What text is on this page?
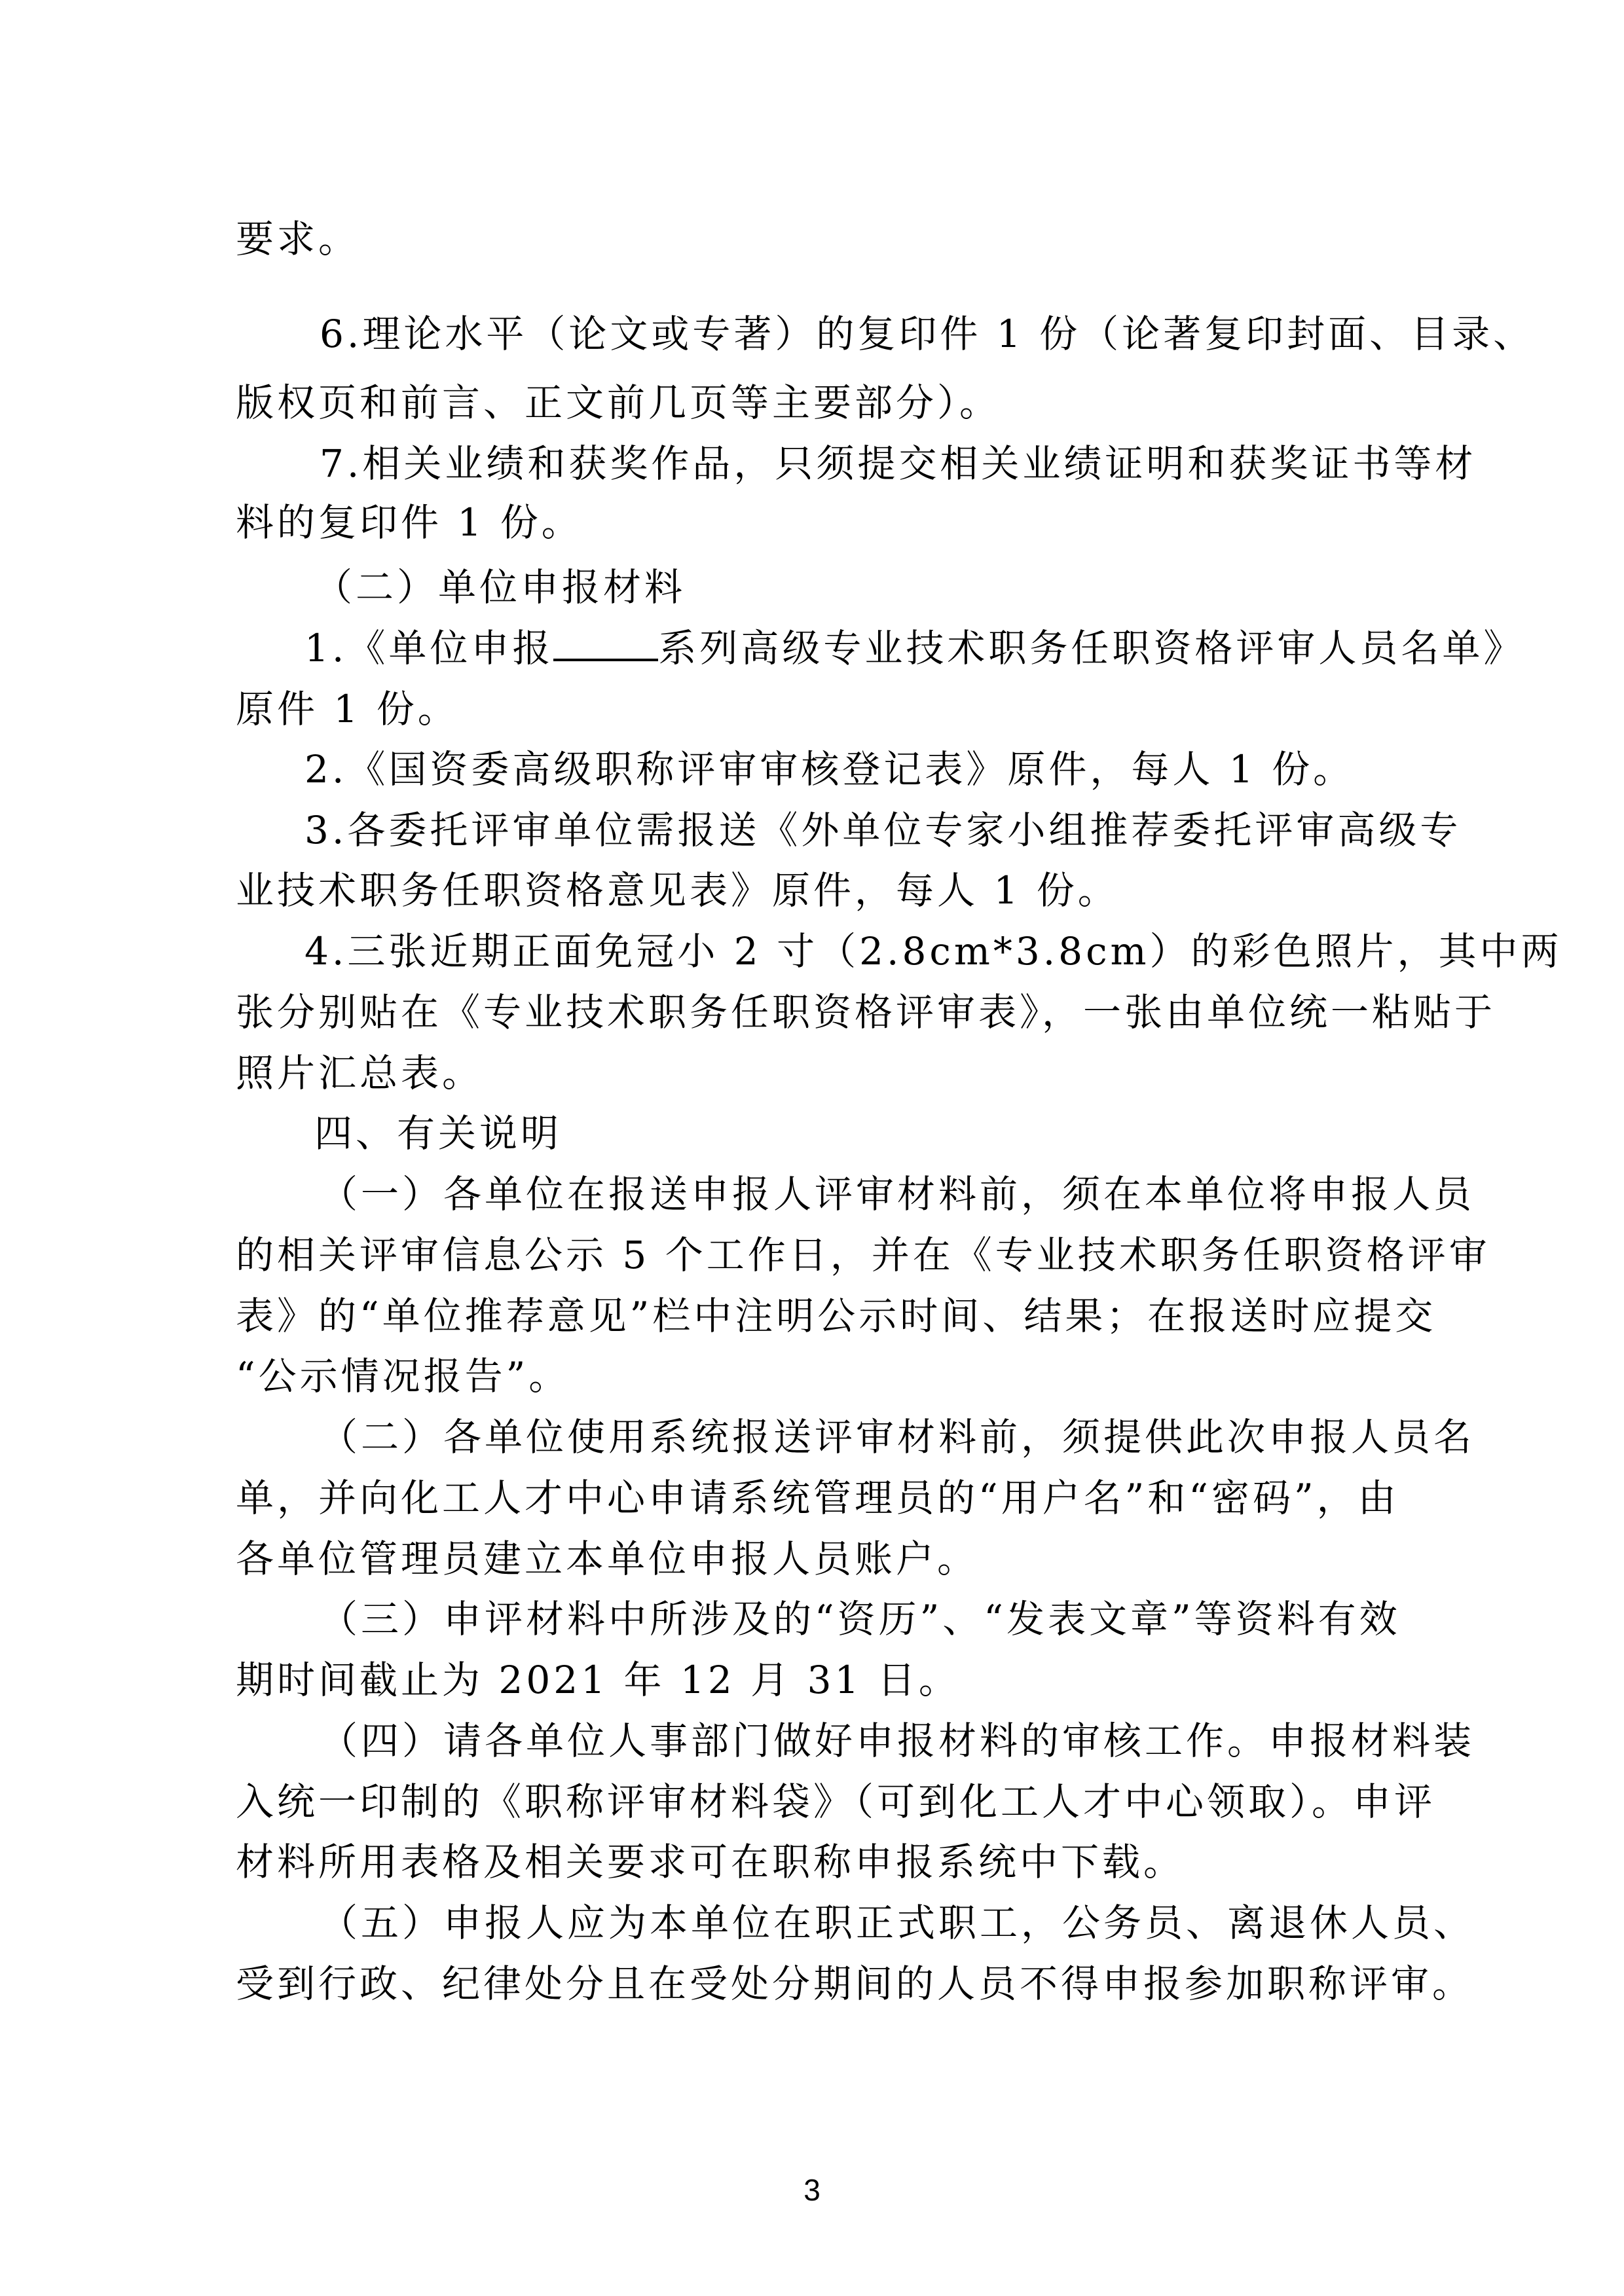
要求。
6.理论水平（论文或专著）的复印件 1 份（论著复印封面、目录、
版权页和前言、正文前几页等主要部分）。
7.相关业绩和获奖作品，只须提交相关业绩证明和获奖证书等材
料的复印件 1 份。
（二）单位申报材料
1.《单位申报	系列高级专业技术职务任职资格评审人员名单》
原件 1 份。
2.《国资委高级职称评审审核登记表》原件，每人 1 份。
3.各委托评审单位需报送《外单位专家小组推荐委托评审高级专
业技术职务任职资格意见表》原件，每人 1 份。
4.三张近期正面免冠小 2 寸（2.8cm*3.8cm）的彩色照片，其中两
张分别贴在《专业技术职务任职资格评审表》，一张由单位统一粘贴于
照片汇总表。
四、有关说明
（一）各单位在报送申报人评审材料前，须在本单位将申报人员
的相关评审信息公示 5 个工作日，并在《专业技术职务任职资格评审
表》的“单位推荐意见”栏中注明公示时间、结果；在报送时应提交
“公示情况报告”。
（二）各单位使用系统报送评审材料前，须提供此次申报人员名
单，并向化工人才中心申请系统管理员的“用户名”和“密码”，由
各单位管理员建立本单位申报人员账户。
（三）申评材料中所涉及的“资历”、“发表文章”等资料有效
期时间截止为 2021 年 12 月 31 日。
（四）请各单位人事部门做好申报材料的审核工作。申报材料装
入统一印制的《职称评审材料袋》（可到化工人才中心领取）。申评
材料所用表格及相关要求可在职称申报系统中下载。
（五）申报人应为本单位在职正式职工，公务员、离退休人员、
受到行政、纪律处分且在受处分期间的人员不得申报参加职称评审。
3
